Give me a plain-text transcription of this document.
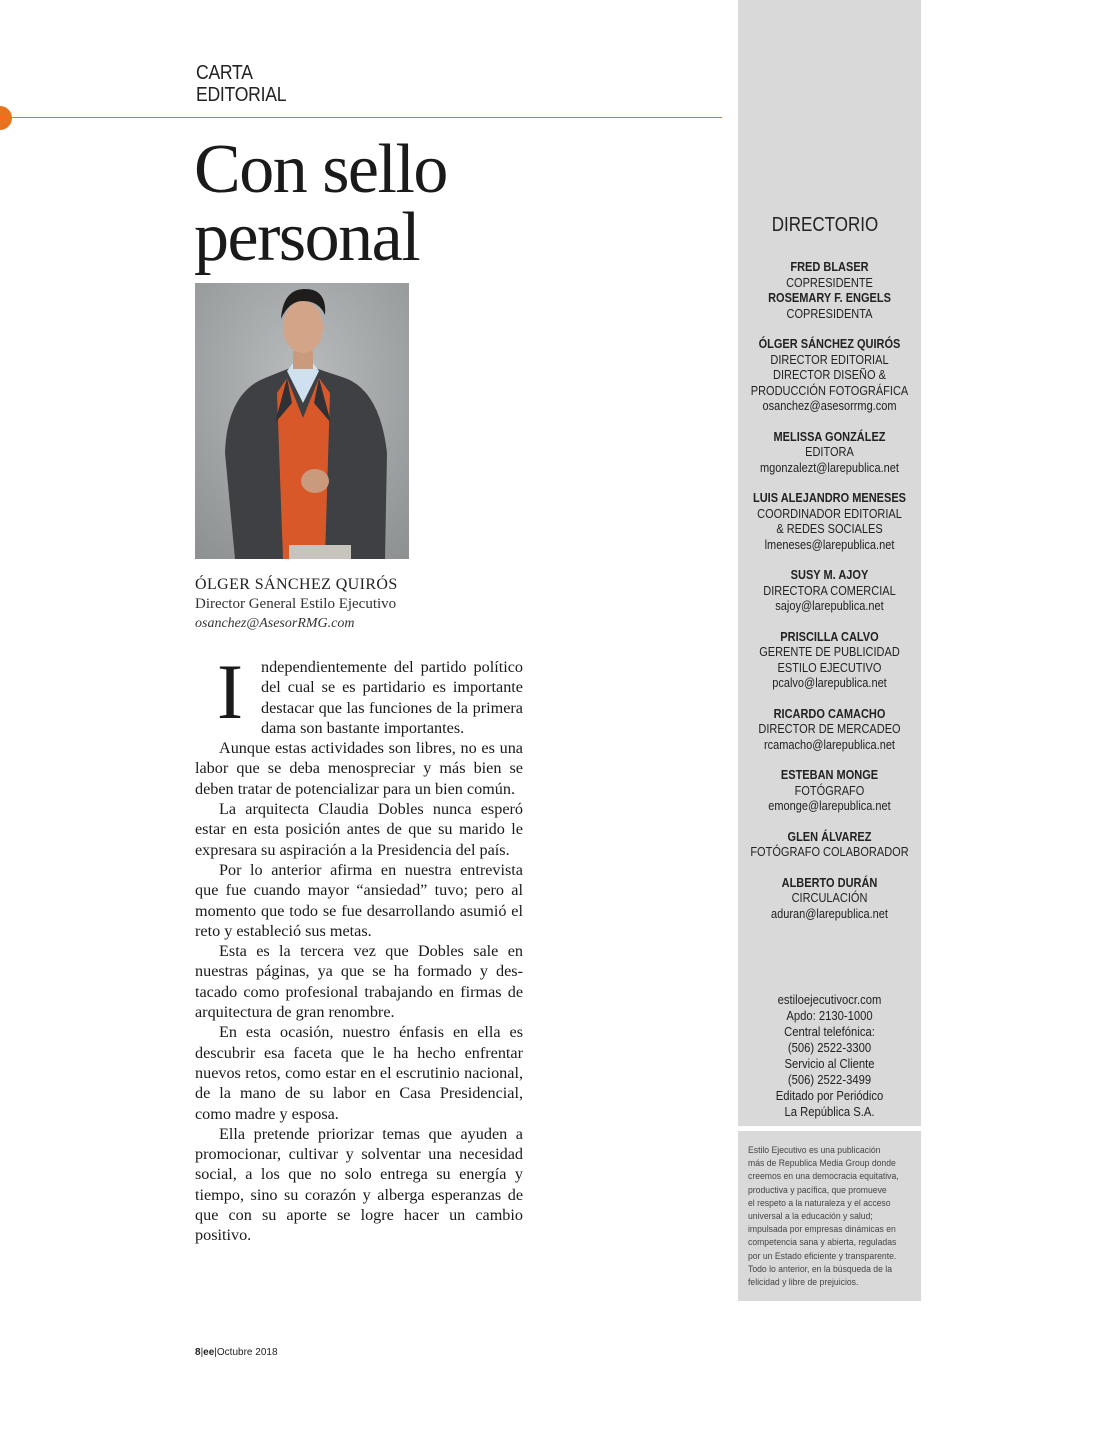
CARTA
EDITORIAL
Con sello
personal
ÓLGER SÁNCHEZ QUIRÓS
Director General Estilo Ejecutivo
osanchez@AsesorRMG.com

I ndependientemente del partido político del cual se es partidario es importante destacar que las funciones de la primera dama son bastante importantes.

Aunque estas actividades son libres, no es una labor que se deba menospreciar y más bien se deben tratar de potencializar para un bien común.

La arquitecta Claudia Dobles nunca esperó estar en esta posición antes de que su marido le expresara su aspiración a la Presidencia del país.

Por lo anterior afirma en nuestra entrevista que fue cuando mayor “ansiedad” tuvo; pero al momento que todo se fue desarrollando asumió el reto y estableció sus metas.

Esta es la tercera vez que Dobles sale en nuestras páginas, ya que se ha formado y destacado como profesional trabajando en firmas de arquitectura de gran renombre.

En esta ocasión, nuestro énfasis en ella es descubrir esa faceta que le ha hecho enfrentar nuevos retos, como estar en el escrutinio nacional, de la mano de su labor en Casa Presidencial, como madre y esposa.

Ella pretende priorizar temas que ayuden a promocionar, cultivar y solventar una necesidad social, a los que no solo entrega su energía y tiempo, sino su corazón y alberga esperanzas de que con su aporte se logre hacer un cambio positivo.

8|ee|Octubre 2018
DIRECTORIO
FRED BLASER
COPRESIDENTE
ROSEMARY F. ENGELS
COPRESIDENTA
ÓLGER SÁNCHEZ QUIRÓS
DIRECTOR EDITORIAL
DIRECTOR DISEÑO &
PRODUCCIÓN FOTOGRÁFICA
osanchez@asesorrmg.com
MELISSA GONZÁLEZ
EDITORA
mgonzalezt@larepublica.net
LUIS ALEJANDRO MENESES
COORDINADOR EDITORIAL
& REDES SOCIALES
lmeneses@larepublica.net
SUSY M. AJOY
DIRECTORA COMERCIAL
sajoy@larepublica.net
PRISCILLA CALVO
GERENTE DE PUBLICIDAD
ESTILO EJECUTIVO
pcalvo@larepublica.net
RICARDO CAMACHO
DIRECTOR DE MERCADEO
rcamacho@larepublica.net
ESTEBAN MONGE
FOTÓGRAFO
emonge@larepublica.net
GLEN ÁLVAREZ
FOTÓGRAFO COLABORADOR
ALBERTO DURÁN
CIRCULACIÓN
aduran@larepublica.net
estiloejecutivocr.com
Apdo: 2130-1000
Central telefónica:
(506) 2522-3300
Servicio al Cliente
(506) 2522-3499
Editado por Periódico
La República S.A.
Estilo Ejecutivo es una publicación
más de Republica Media Group donde
creemos en una democracia equitativa,
productiva y pacífica, que promueve
el respeto a la naturaleza y el acceso
universal a la educación y salud;
impulsada por empresas dinámicas en
competencia sana y abierta, reguladas
por un Estado eficiente y transparente.
Todo lo anterior, en la búsqueda de la
felicidad y libre de prejuicios.
